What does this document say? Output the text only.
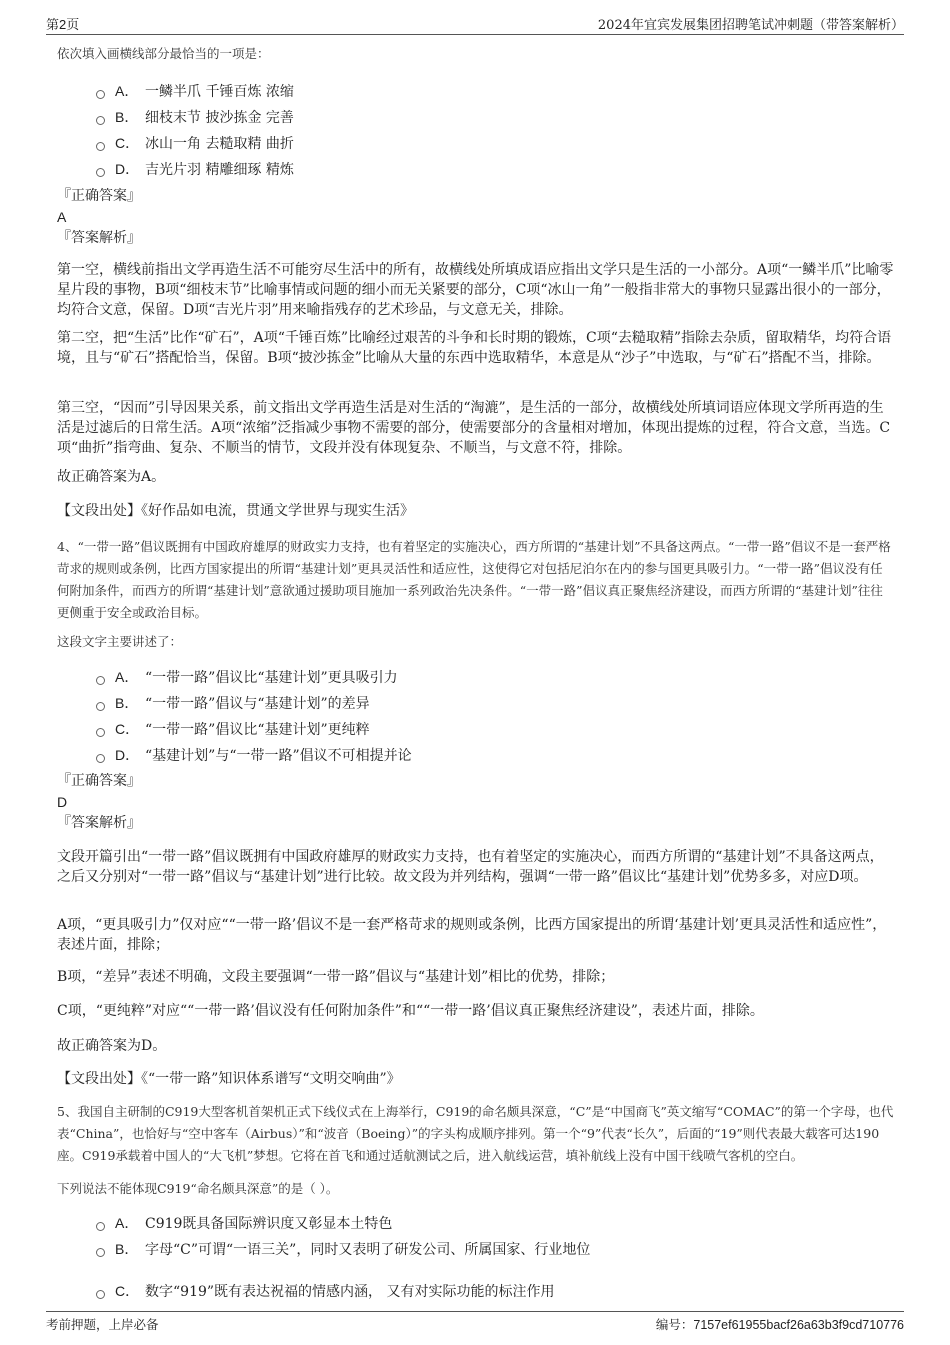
第2页	2024年宜宾发展集团招聘笔试冲刺题（带答案解析）
依次填入画横线部分最恰当的一项是：
A． 一鳞半爪 千锤百炼 浓缩
B． 细枝末节 披沙拣金 完善
C． 冰山一角 去糙取精 曲折
D． 吉光片羽 精雕细琢 精炼
『正确答案』
A
『答案解析』

第一空，横线前指出文学再造生活不可能穷尽生活中的所有，故横线处所填成语应指出文学只是生活的一小部分。A项“一鳞半爪”比喻零星片段的事物，B项“细枝末节”比喻事情或问题的细小而无关紧要的部分，C项“冰山一角”一般指非常大的事物只显露出很小的一部分，均符合文意，保留。D项“吉光片羽”用来喻指残存的艺术珍品，与文意无关，排除。

第二空，把“生活”比作“矿石”，A项“千锤百炼”比喻经过艰苦的斗争和长时期的锻炼，C项“去糙取精”指除去杂质，留取精华，均符合语境，且与“矿石”搭配恰当，保留。B项“披沙拣金”比喻从大量的东西中选取精华，本意是从“沙子”中选取，与“矿石”搭配不当，排除。

第三空，“因而”引导因果关系，前文指出文学再造生活是对生活的“淘漉”，是生活的一部分，故横线处所填词语应体现文学所再造的生活是过滤后的日常生活。A项“浓缩”泛指减少事物不需要的部分，使需要部分的含量相对增加，体现出提炼的过程，符合文意，当选。C项“曲折”指弯曲、复杂、不顺当的情节，文段并没有体现复杂、不顺当，与文意不符，排除。

故正确答案为A。

【文段出处】《好作品如电流，贯通文学世界与现实生活》

4、“一带一路”倡议既拥有中国政府雄厚的财政实力支持，也有着坚定的实施决心，西方所谓的“基建计划”不具备这两点。“一带一路”倡议不是一套严格苛求的规则或条例，比西方国家提出的所谓“基建计划”更具灵活性和适应性，这使得它对包括尼泊尔在内的参与国更具吸引力。“一带一路”倡议没有任何附加条件，而西方的所谓“基建计划”意欲通过援助项目施加一系列政治先决条件。“一带一路”倡议真正聚焦经济建设，而西方所谓的“基建计划”往往更侧重于安全或政治目标。
这段文字主要讲述了：
A． “一带一路”倡议比“基建计划”更具吸引力
B． “一带一路”倡议与“基建计划”的差异
C． “一带一路”倡议比“基建计划”更纯粹
D． “基建计划”与“一带一路”倡议不可相提并论
『正确答案』
D
『答案解析』

文段开篇引出“一带一路”倡议既拥有中国政府雄厚的财政实力支持，也有着坚定的实施决心，而西方所谓的“基建计划”不具备这两点，之后又分别对“一带一路”倡议与“基建计划”进行比较。故文段为并列结构，强调“一带一路”倡议比“基建计划”优势多多，对应D项。

A项，“更具吸引力”仅对应““一带一路’倡议不是一套严格苛求的规则或条例，比西方国家提出的所谓‘基建计划’更具灵活性和适应性”，表述片面，排除；

B项，“差异”表述不明确，文段主要强调“一带一路”倡议与“基建计划”相比的优势，排除；

C项，“更纯粹”对应““一带一路’倡议没有任何附加条件”和““一带一路’倡议真正聚焦经济建设”，表述片面，排除。

故正确答案为D。

【文段出处】《“一带一路”知识体系谱写“文明交响曲”》

5、我国自主研制的C919大型客机首架机正式下线仪式在上海举行，C919的命名颇具深意，“C”是“中国商飞”英文缩写“COMAC”的第一个字母，也代表“China”，也恰好与“空中客车（Airbus）”和“波音（Boeing）”的字头构成顺序排列。第一个“9”代表“长久”，后面的“19”则代表最大载客可达190座。C919承载着中国人的“大飞机”梦想。它将在首飞和通过适航测试之后，进入航线运营，填补航线上没有中国干线喷气客机的空白。
下列说法不能体现C919“命名颇具深意”的是（ ）。
A． C919既具备国际辨识度又彰显本土特色
B． 字母“C”可谓“一语三关”，同时又表明了研发公司、所属国家、行业地位
C． 数字“919”既有表达祝福的情感内涵， 又有对实际功能的标注作用
考前押题，上岸必备	编号：7157ef61955bacf26a63b3f9cd710776
